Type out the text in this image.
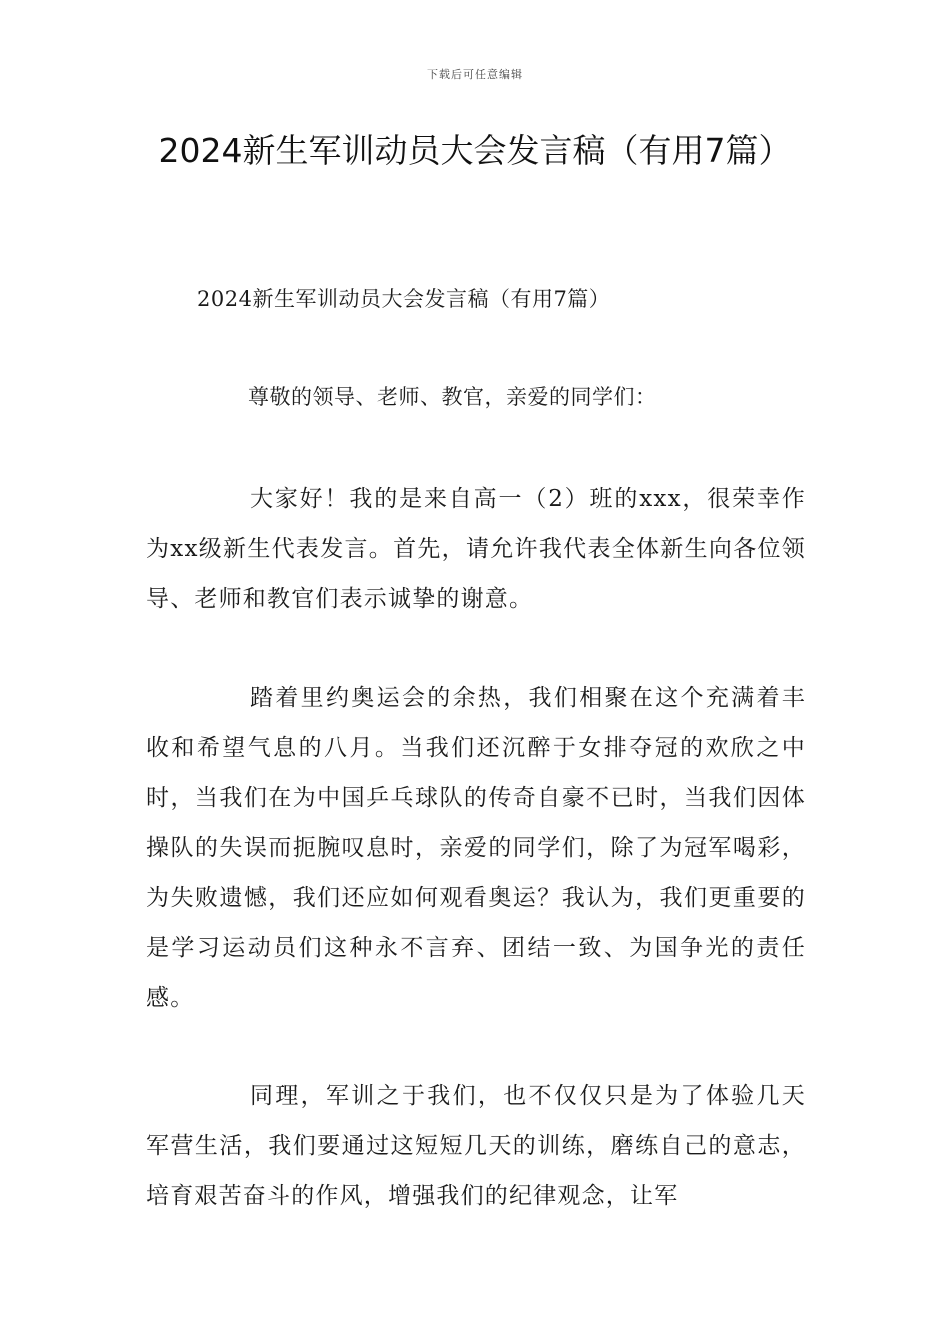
下载后可任意编辑
2024新生军训动员大会发言稿（有用7篇）

2024新生军训动员大会发言稿（有用7篇）

尊敬的领导、老师、教官，亲爱的同学们：

大家好！我的是来自高一（2）班的xxx，很荣幸作为xx级新生代表发言。首先，请允许我代表全体新生向各位领导、老师和教官们表示诚挚的谢意。

踏着里约奥运会的余热，我们相聚在这个充满着丰收和希望气息的八月。当我们还沉醉于女排夺冠的欢欣之中时，当我们在为中国乒乓球队的传奇自豪不已时，当我们因体操队的失误而扼腕叹息时，亲爱的同学们，除了为冠军喝彩，为失败遗憾，我们还应如何观看奥运？我认为，我们更重要的是学习运动员们这种永不言弃、团结一致、为国争光的责任感。

同理，军训之于我们，也不仅仅只是为了体验几天军营生活，我们要通过这短短几天的训练，磨练自己的意志，培育艰苦奋斗的作风，增强我们的纪律观念，让军
